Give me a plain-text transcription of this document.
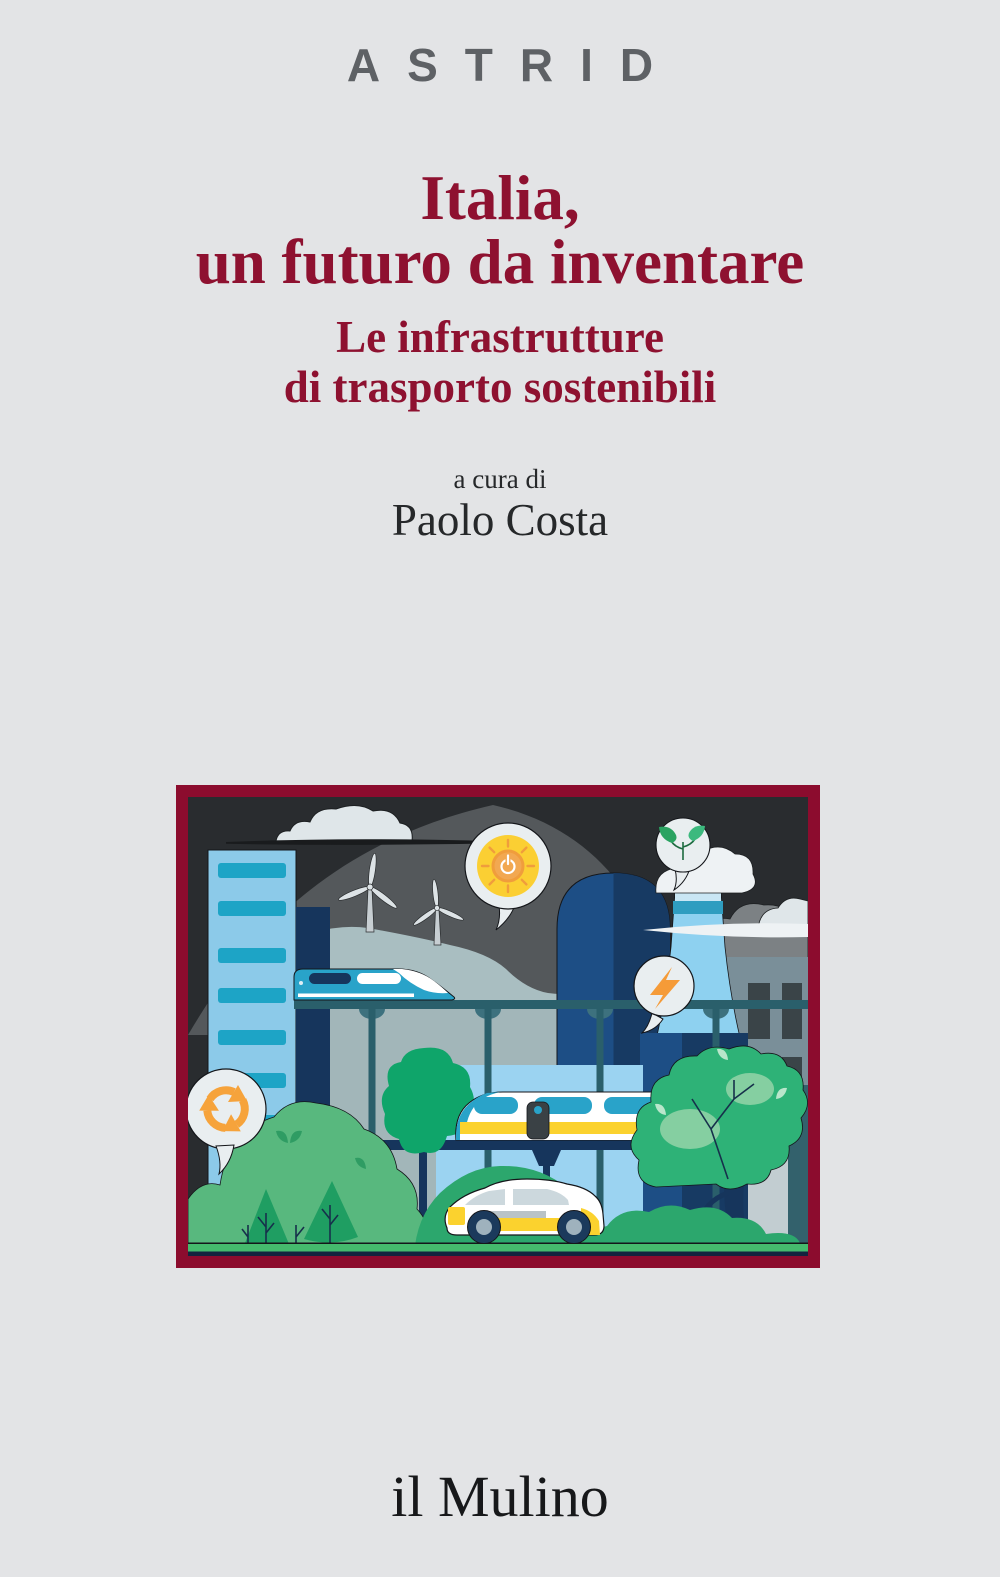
ASTRID
Italia,
un futuro da inventare
Le infrastrutture
di trasporto sostenibili
a cura di
Paolo Costa
il Mulino
